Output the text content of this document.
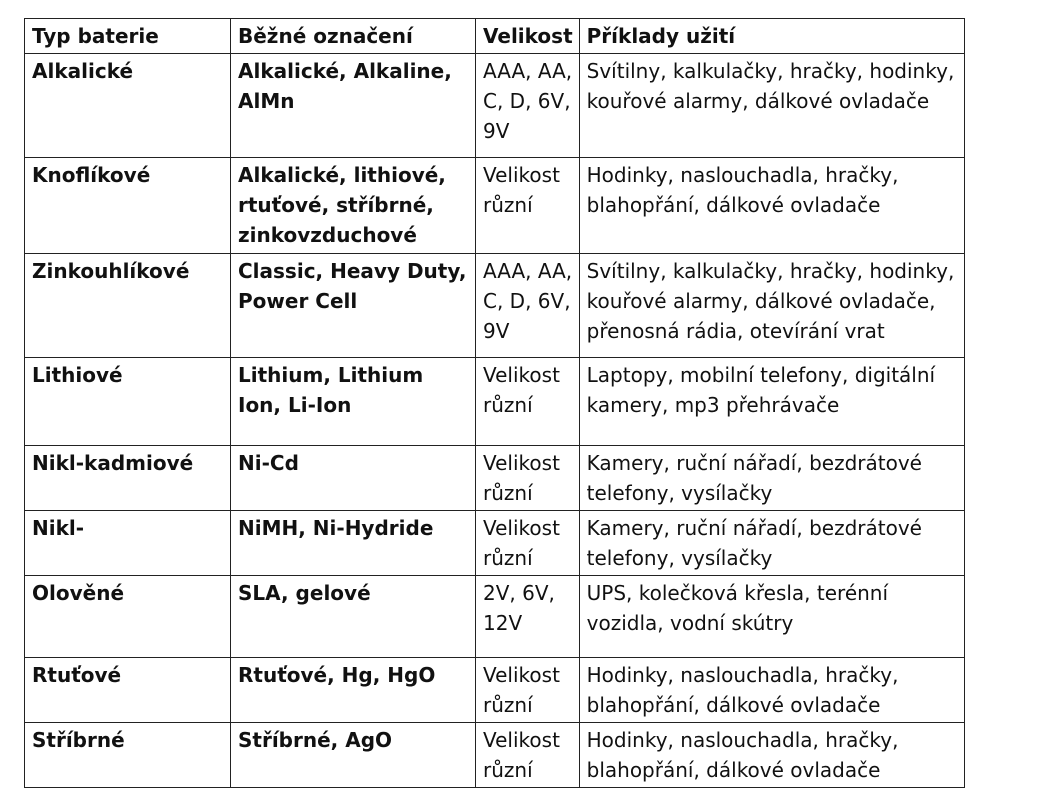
Typ baterie	Běžné označení	Velikost	Příklady užití
Alkalické	Alkalické, Alkaline, AlMn	AAA, AA, C, D, 6V, 9V	Svítilny, kalkulačky, hračky, hodinky, kouřové alarmy, dálkové ovladače
Knoflíkové	Alkalické, lithiové, rtuťové, stříbrné, zinkovzduchové	Velikost různí	Hodinky, naslouchadla, hračky, blahopřání, dálkové ovladače
Zinkouhlíkové	Classic, Heavy Duty, Power Cell	AAA, AA, C, D, 6V, 9V	Svítilny, kalkulačky, hračky, hodinky, kouřové alarmy, dálkové ovladače, přenosná rádia, otevírání vrat
Lithiové	Lithium, Lithium Ion, Li-Ion	Velikost různí	Laptopy, mobilní telefony, digitální kamery, mp3 přehrávače
Nikl-kadmiové	Ni-Cd	Velikost různí	Kamery, ruční nářadí, bezdrátové telefony, vysílačky
Nikl-	NiMH, Ni-Hydride	Velikost různí	Kamery, ruční nářadí, bezdrátové telefony, vysílačky
Olověné	SLA, gelové	2V, 6V, 12V	UPS, kolečková křesla, terénní vozidla, vodní skútry
Rtuťové	Rtuťové, Hg, HgO	Velikost různí	Hodinky, naslouchadla, hračky, blahopřání, dálkové ovladače
Stříbrné	Stříbrné, AgO	Velikost různí	Hodinky, naslouchadla, hračky, blahopřání, dálkové ovladače
